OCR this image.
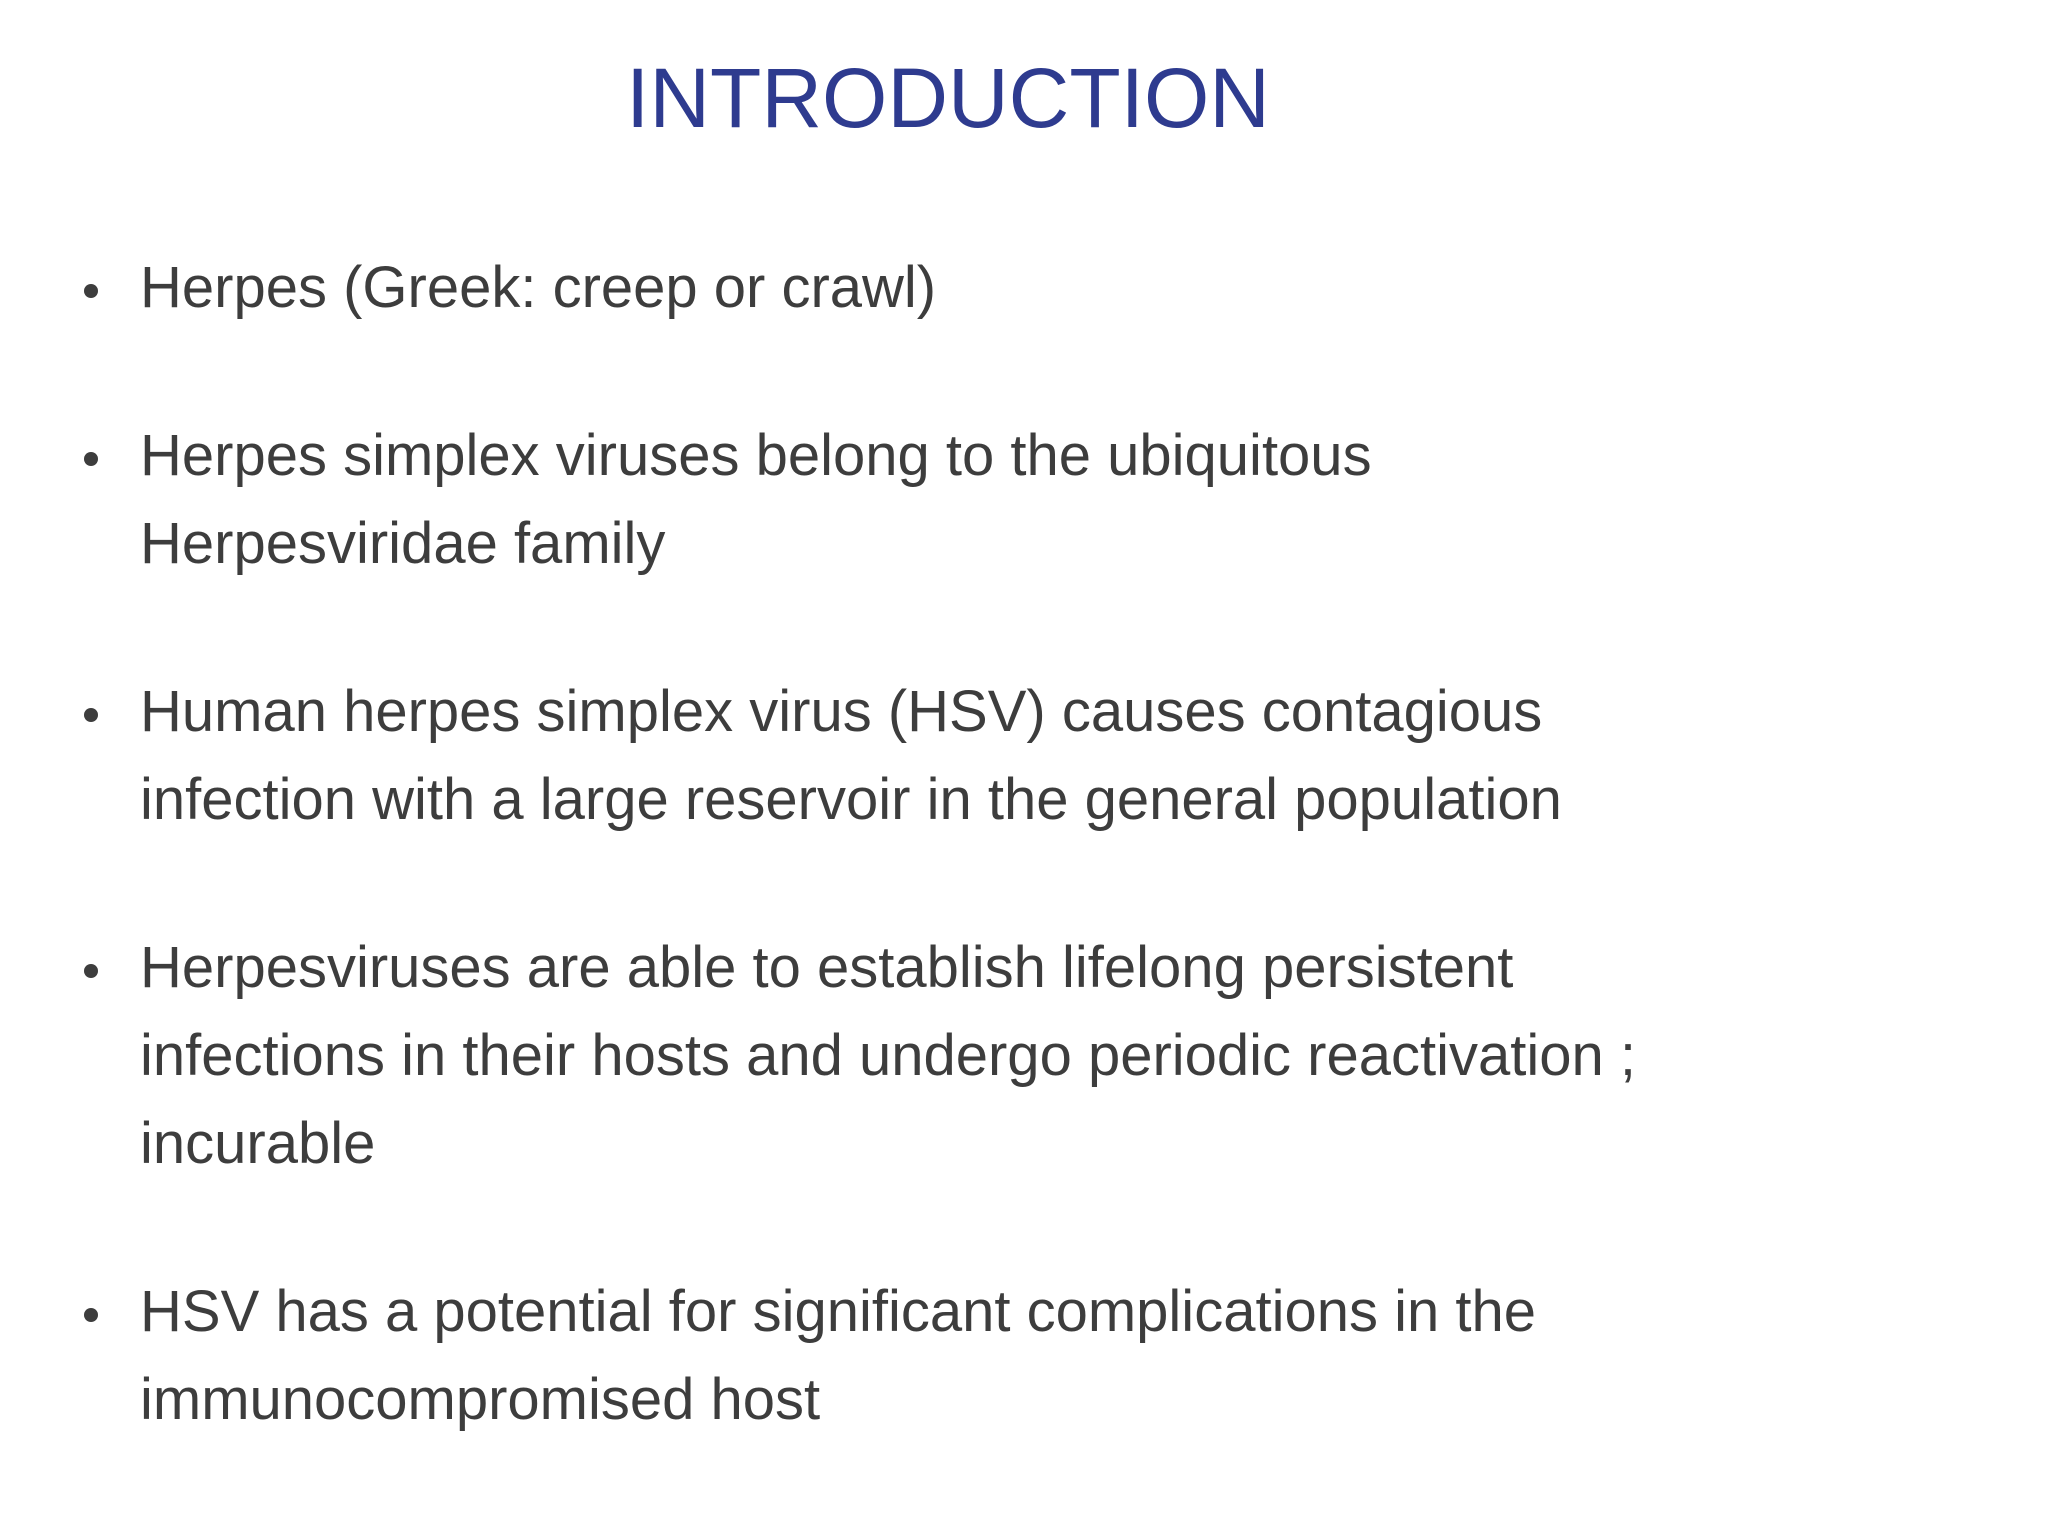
INTRODUCTION
Herpes (Greek: creep or crawl)
Herpes simplex viruses belong to the ubiquitous
Herpesviridae family
Human herpes simplex virus (HSV) causes contagious
infection with a large reservoir in the general population
Herpesviruses are able to establish lifelong persistent
infections in their hosts and undergo periodic reactivation ;
incurable
HSV has a potential for significant complications in the
immunocompromised host
